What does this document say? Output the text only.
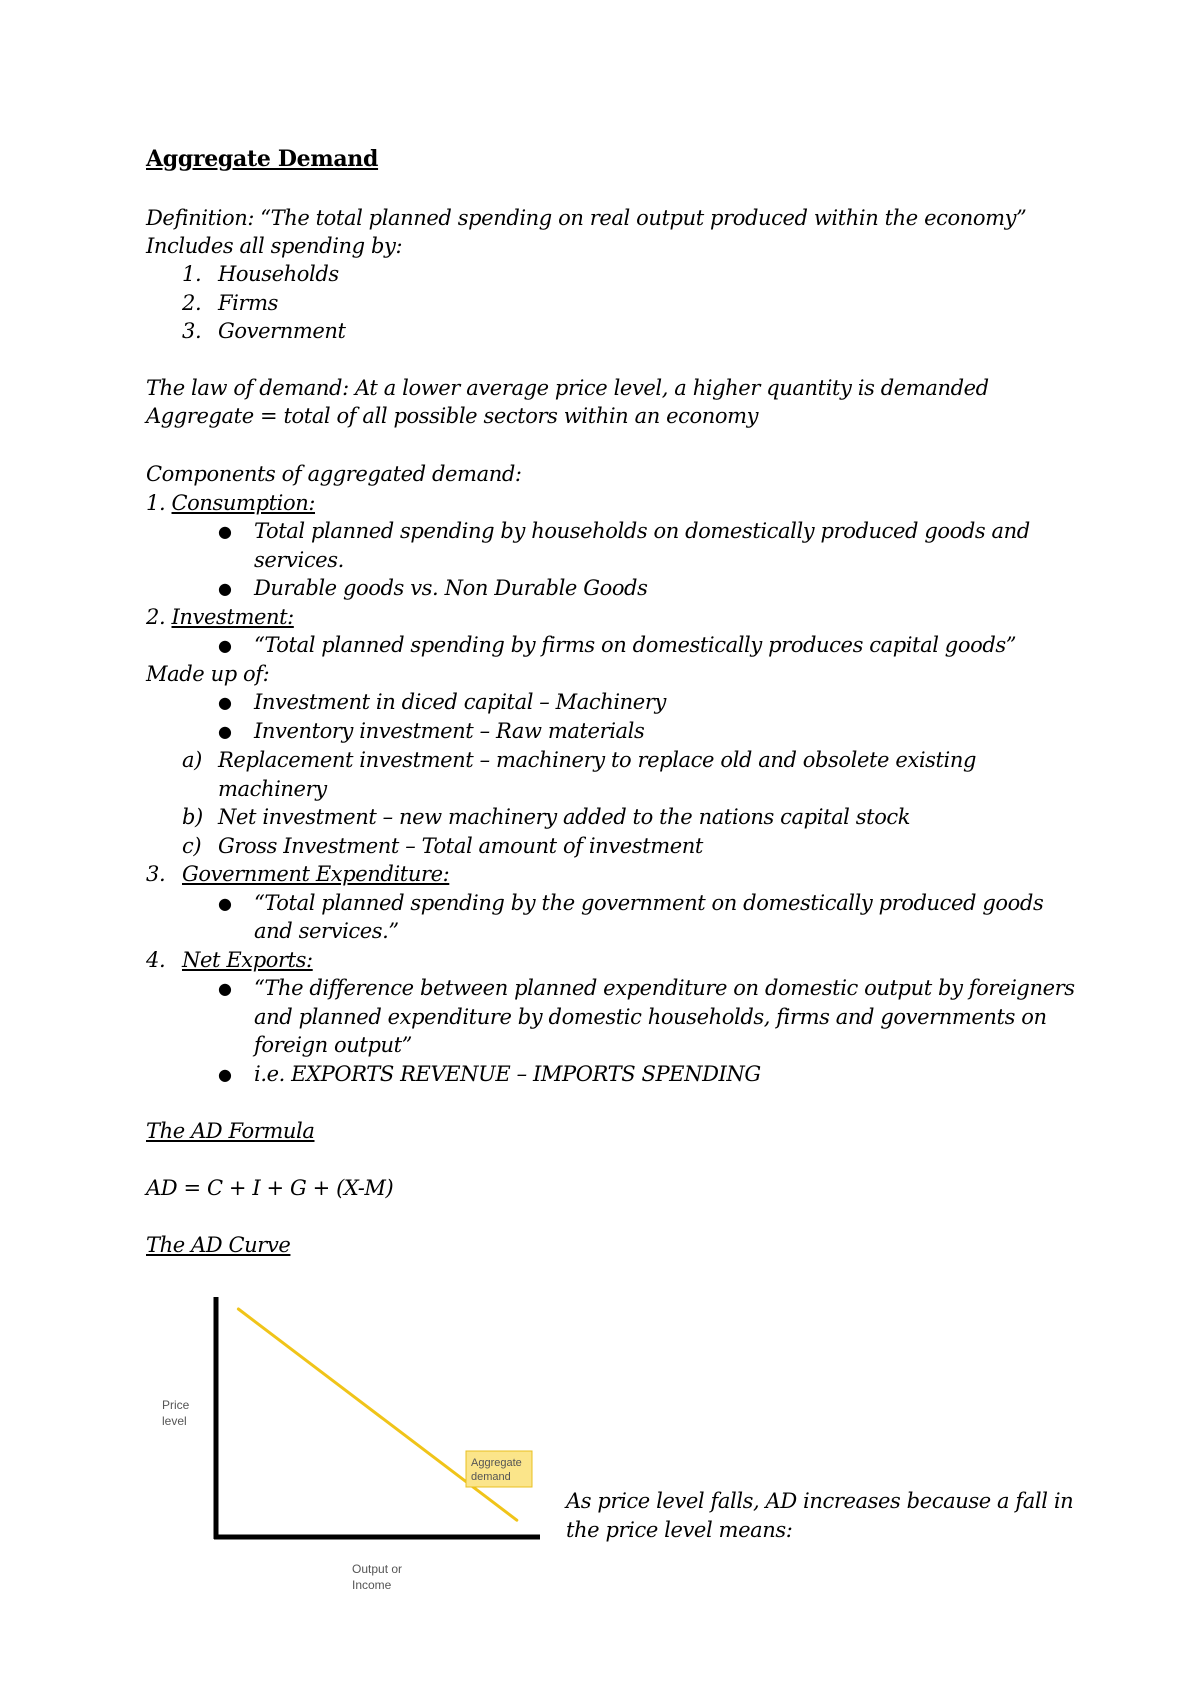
Aggregate Demand
Definition: “The total planned spending on real output produced within the economy”
Includes all spending by:
1. Households
2. Firms
3. Government
The law of demand: At a lower average price level, a higher quantity is demanded
Aggregate = total of all possible sectors within an economy
Components of aggregated demand:
1. Consumption:
● Total planned spending by households on domestically produced goods and
services.
● Durable goods vs. Non Durable Goods
2. Investment:
● “Total planned spending by firms on domestically produces capital goods”
Made up of:
● Investment in diced capital – Machinery
● Inventory investment – Raw materials
a) Replacement investment – machinery to replace old and obsolete existing
machinery
b) Net investment – new machinery added to the nations capital stock
c) Gross Investment – Total amount of investment
3. Government Expenditure:
● “Total planned spending by the government on domestically produced goods
and services.”
4. Net Exports:
● “The difference between planned expenditure on domestic output by foreigners
and planned expenditure by domestic households, firms and governments on
foreign output”
● i.e. EXPORTS REVENUE – IMPORTS SPENDING
The AD Formula
AD = C + I + G + (X-M)
The AD Curve
Aggregate
demand
Price
level
Output or
Income
As price level falls, AD increases because a fall in
the price level means:
